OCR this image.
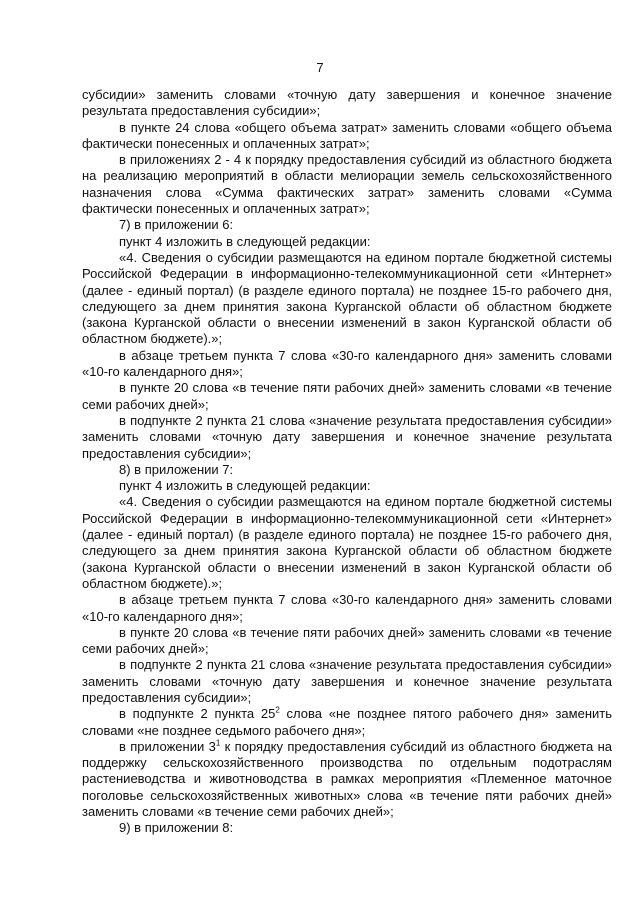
7

субсидии» заменить словами «точную дату завершения и конечное значение результата предоставления субсидии»;

в пункте 24 слова «общего объема затрат» заменить словами «общего объема фактически понесенных и оплаченных затрат»;

в приложениях 2 - 4 к порядку предоставления субсидий из областного бюджета на реализацию мероприятий в области мелиорации земель сельскохозяйственного назначения слова «Сумма фактических затрат» заменить словами «Сумма фактически понесенных и оплаченных затрат»;

7) в приложении 6:

пункт 4 изложить в следующей редакции:

«4. Сведения о субсидии размещаются на едином портале бюджетной системы Российской Федерации в информационно-телекоммуникационной сети «Интернет» (далее - единый портал) (в разделе единого портала) не позднее 15-го рабочего дня, следующего за днем принятия закона Курганской области об областном бюджете (закона Курганской области о внесении изменений в закон Курганской области об областном бюджете).»;

в абзаце третьем пункта 7 слова «30-го календарного дня» заменить словами «10-го календарного дня»;

в пункте 20 слова «в течение пяти рабочих дней» заменить словами «в течение семи рабочих дней»;

в подпункте 2 пункта 21 слова «значение результата предоставления субсидии» заменить словами «точную дату завершения и конечное значение результата предоставления субсидии»;

8) в приложении 7:

пункт 4 изложить в следующей редакции:

«4. Сведения о субсидии размещаются на едином портале бюджетной системы Российской Федерации в информационно-телекоммуникационной сети «Интернет» (далее - единый портал) (в разделе единого портала) не позднее 15-го рабочего дня, следующего за днем принятия закона Курганской области об областном бюджете (закона Курганской области о внесении изменений в закон Курганской области об областном бюджете).»;

в абзаце третьем пункта 7 слова «30-го календарного дня» заменить словами «10-го календарного дня»;

в пункте 20 слова «в течение пяти рабочих дней» заменить словами «в течение семи рабочих дней»;

в подпункте 2 пункта 21 слова «значение результата предоставления субсидии» заменить словами «точную дату завершения и конечное значение результата предоставления субсидии»;

в подпункте 2 пункта $25^2$ слова «не позднее пятого рабочего дня» заменить словами «не позднее седьмого рабочего дня»;

в приложении $3^1$ к порядку предоставления субсидий из областного бюджета на поддержку сельскохозяйственного производства по отдельным подотраслям растениеводства и животноводства в рамках мероприятия «Племенное маточное поголовье сельскохозяйственных животных» слова «в течение пяти рабочих дней» заменить словами «в течение семи рабочих дней»;

9) в приложении 8:
